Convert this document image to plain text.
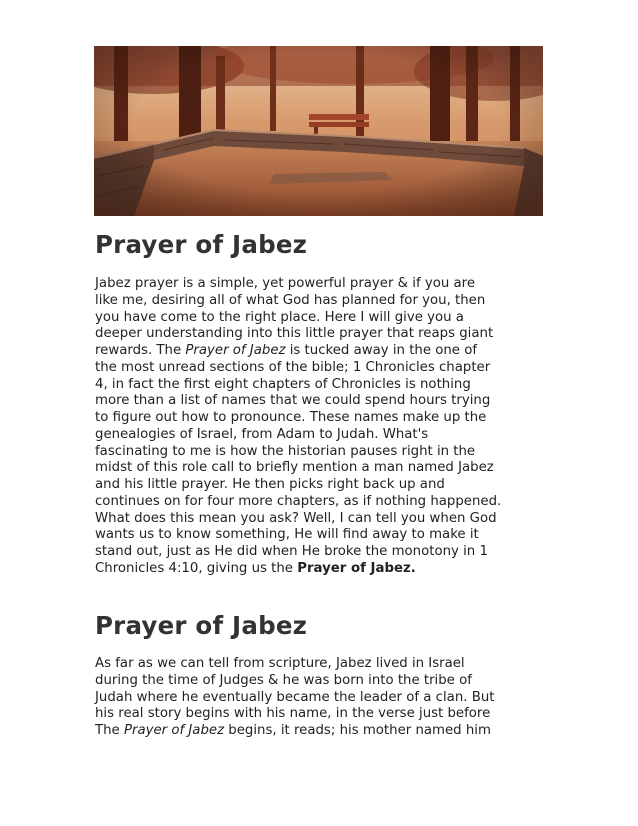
Prayer of Jabez
Jabez prayer is a simple, yet powerful prayer & if you are
like me, desiring all of what God has planned for you, then
you have come to the right place. Here I will give you a
deeper understanding into this little prayer that reaps giant
rewards. The Prayer of Jabez is tucked away in the one of
the most unread sections of the bible; 1 Chronicles chapter
4, in fact the first eight chapters of Chronicles is nothing
more than a list of names that we could spend hours trying
to figure out how to pronounce. These names make up the
genealogies of Israel, from Adam to Judah. What's
fascinating to me is how the historian pauses right in the
midst of this role call to briefly mention a man named Jabez
and his little prayer. He then picks right back up and
continues on for four more chapters, as if nothing happened.
What does this mean you ask? Well, I can tell you when God
wants us to know something, He will find away to make it
stand out, just as He did when He broke the monotony in 1
Chronicles 4:10, giving us the Prayer of Jabez.
Prayer of Jabez
As far as we can tell from scripture, Jabez lived in Israel
during the time of Judges & he was born into the tribe of
Judah where he eventually became the leader of a clan. But
his real story begins with his name, in the verse just before
The Prayer of Jabez begins, it reads; his mother named him
